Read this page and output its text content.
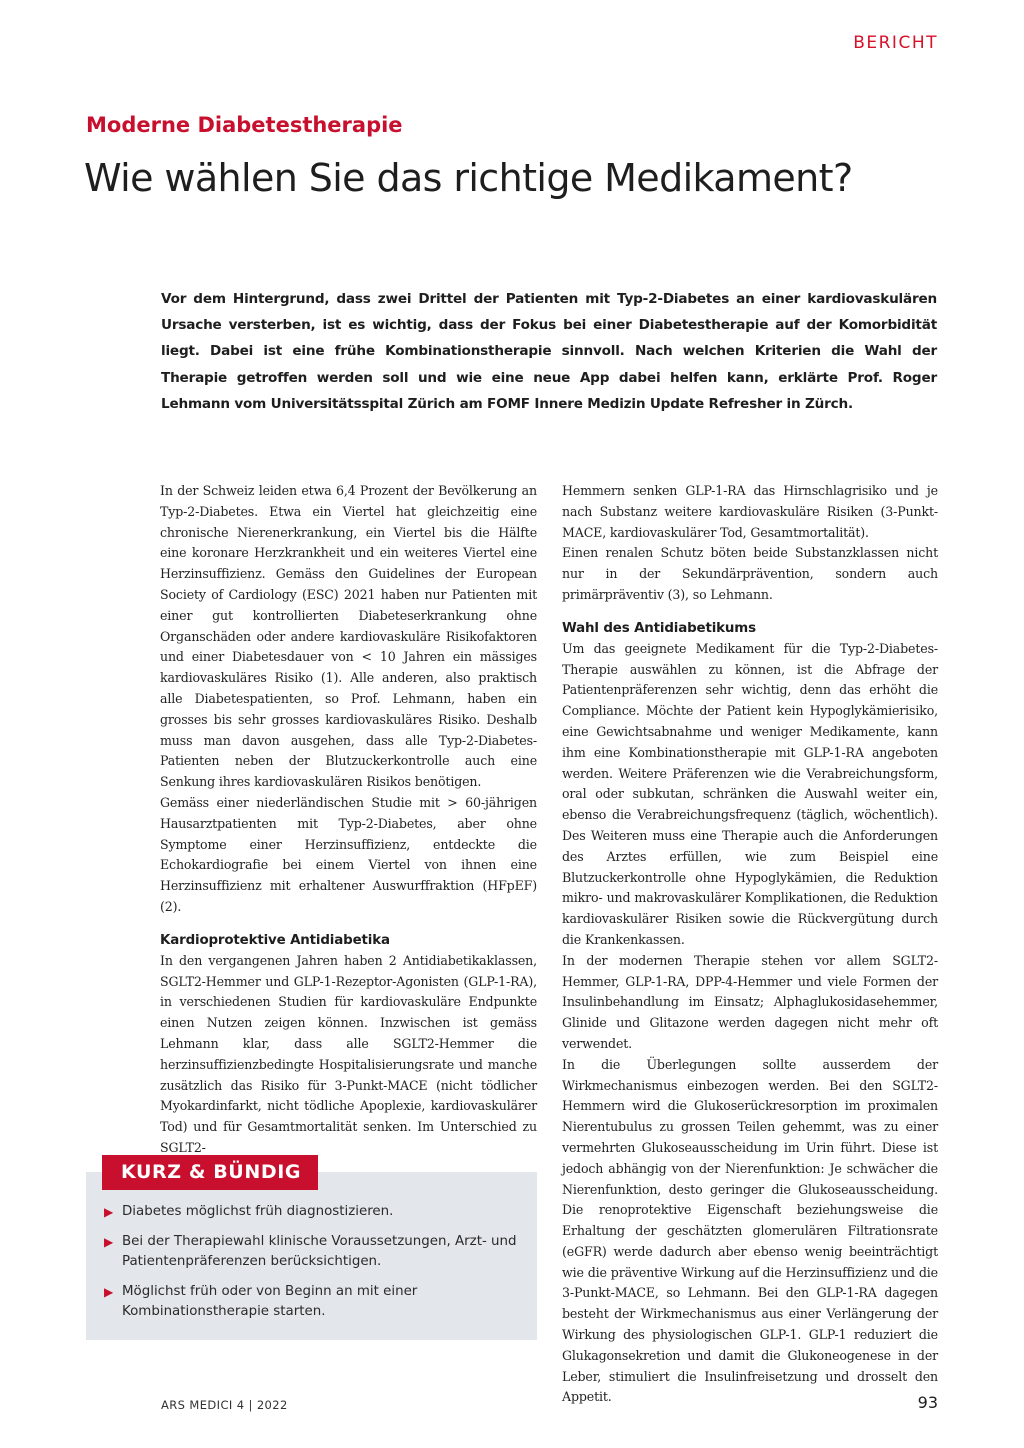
BERICHT
Moderne Diabetestherapie
Wie wählen Sie das richtige Medikament?

Vor dem Hintergrund, dass zwei Drittel der Patienten mit Typ-2-Diabetes an einer kardiovaskulären Ursache versterben, ist es wichtig, dass der Fokus bei einer Diabetestherapie auf der Komorbidität liegt. Dabei ist eine frühe Kombinationstherapie sinnvoll. Nach welchen Kriterien die Wahl der Therapie getroffen werden soll und wie eine neue App dabei helfen kann, erklärte Prof. Roger Lehmann vom Universitätsspital Zürich am FOMF Innere Medizin Update Refresher in Zürch.

In der Schweiz leiden etwa 6,4 Prozent der Bevölkerung an Typ-2-Diabetes. Etwa ein Viertel hat gleichzeitig eine chronische Nierenerkrankung, ein Viertel bis die Hälfte eine koronare Herzkrankheit und ein weiteres Viertel eine Herzinsuffizienz. Gemäss den Guidelines der European Society of Cardiology (ESC) 2021 haben nur Patienten mit einer gut kontrollierten Diabeteserkrankung ohne Organschäden oder andere kardiovaskuläre Risikofaktoren und einer Diabetesdauer von < 10 Jahren ein mässiges kardiovaskuläres Risiko (1). Alle anderen, also praktisch alle Diabetespatienten, so Prof. Lehmann, haben ein grosses bis sehr grosses kardiovaskuläres Risiko. Deshalb muss man davon ausgehen, dass alle Typ-2-Diabetes-Patienten neben der Blutzuckerkontrolle auch eine Senkung ihres kardiovaskulären Risikos benötigen.

Gemäss einer niederländischen Studie mit > 60-jährigen Hausarztpatienten mit Typ-2-Diabetes, aber ohne Symptome einer Herzinsuffizienz, entdeckte die Echokardiografie bei einem Viertel von ihnen eine Herzinsuffizienz mit erhaltener Auswurffraktion (HFpEF) (2).

Kardioprotektive Antidiabetika

In den vergangenen Jahren haben 2 Antidiabetikaklassen, SGLT2-Hemmer und GLP-1-Rezeptor-Agonisten (GLP-1-RA), in verschiedenen Studien für kardiovaskuläre Endpunkte einen Nutzen zeigen können. Inzwischen ist gemäss Lehmann klar, dass alle SGLT2-Hemmer die herzinsuffizienzbedingte Hospitalisierungsrate und manche zusätzlich das Risiko für 3-Punkt-MACE (nicht tödlicher Myokardinfarkt, nicht tödliche Apoplexie, kardiovaskulärer Tod) und für Gesamtmortalität senken. Im Unterschied zu SGLT2-

Hemmern senken GLP-1-RA das Hirnschlagrisiko und je nach Substanz weitere kardiovaskuläre Risiken (3-Punkt-MACE, kardiovaskulärer Tod, Gesamtmortalität).

Einen renalen Schutz böten beide Substanzklassen nicht nur in der Sekundärprävention, sondern auch primärpräventiv (3), so Lehmann.

Wahl des Antidiabetikums

Um das geeignete Medikament für die Typ-2-Diabetes-Therapie auswählen zu können, ist die Abfrage der Patientenpräferenzen sehr wichtig, denn das erhöht die Compliance. Möchte der Patient kein Hypoglykämierisiko, eine Gewichtsabnahme und weniger Medikamente, kann ihm eine Kombinationstherapie mit GLP-1-RA angeboten werden. Weitere Präferenzen wie die Verabreichungsform, oral oder subkutan, schränken die Auswahl weiter ein, ebenso die Verabreichungsfrequenz (täglich, wöchentlich). Des Weiteren muss eine Therapie auch die Anforderungen des Arztes erfüllen, wie zum Beispiel eine Blutzuckerkontrolle ohne Hypoglykämien, die Reduktion mikro- und makrovaskulärer Komplikationen, die Reduktion kardiovaskulärer Risiken sowie die Rückvergütung durch die Krankenkassen.

In der modernen Therapie stehen vor allem SGLT2-Hemmer, GLP-1-RA, DPP-4-Hemmer und viele Formen der Insulinbehandlung im Einsatz; Alphaglukosidasehemmer, Glinide und Glitazone werden dagegen nicht mehr oft verwendet.

In die Überlegungen sollte ausserdem der Wirkmechanismus einbezogen werden. Bei den SGLT2-Hemmern wird die Glukoserückresorption im proximalen Nierentubulus zu grossen Teilen gehemmt, was zu einer vermehrten Glukoseausscheidung im Urin führt. Diese ist jedoch abhängig von der Nierenfunktion: Je schwächer die Nierenfunktion, desto geringer die Glukoseausscheidung. Die renoprotektive Eigenschaft beziehungsweise die Erhaltung der geschätzten glomerulären Filtrationsrate (eGFR) werde dadurch aber ebenso wenig beeinträchtigt wie die präventive Wirkung auf die Herzinsuffizienz und die 3-Punkt-MACE, so Lehmann. Bei den GLP-1-RA dagegen besteht der Wirkmechanismus aus einer Verlängerung der Wirkung des physiologischen GLP-1. GLP-1 reduziert die Glukagonsekretion und damit die Glukoneogenese in der Leber, stimuliert die Insulinfreisetzung und drosselt den Appetit.

▶ Diabetes möglichst früh diagnostizieren.
▶ Bei der Therapiewahl klinische Voraussetzungen, Arzt- und Patientenpräferenzen berücksichtigen.
▶ Möglichst früh oder von Beginn an mit einer Kombinationstherapie starten.
KURZ & BÜNDIG
ARS MEDICI 4 | 2022	93
